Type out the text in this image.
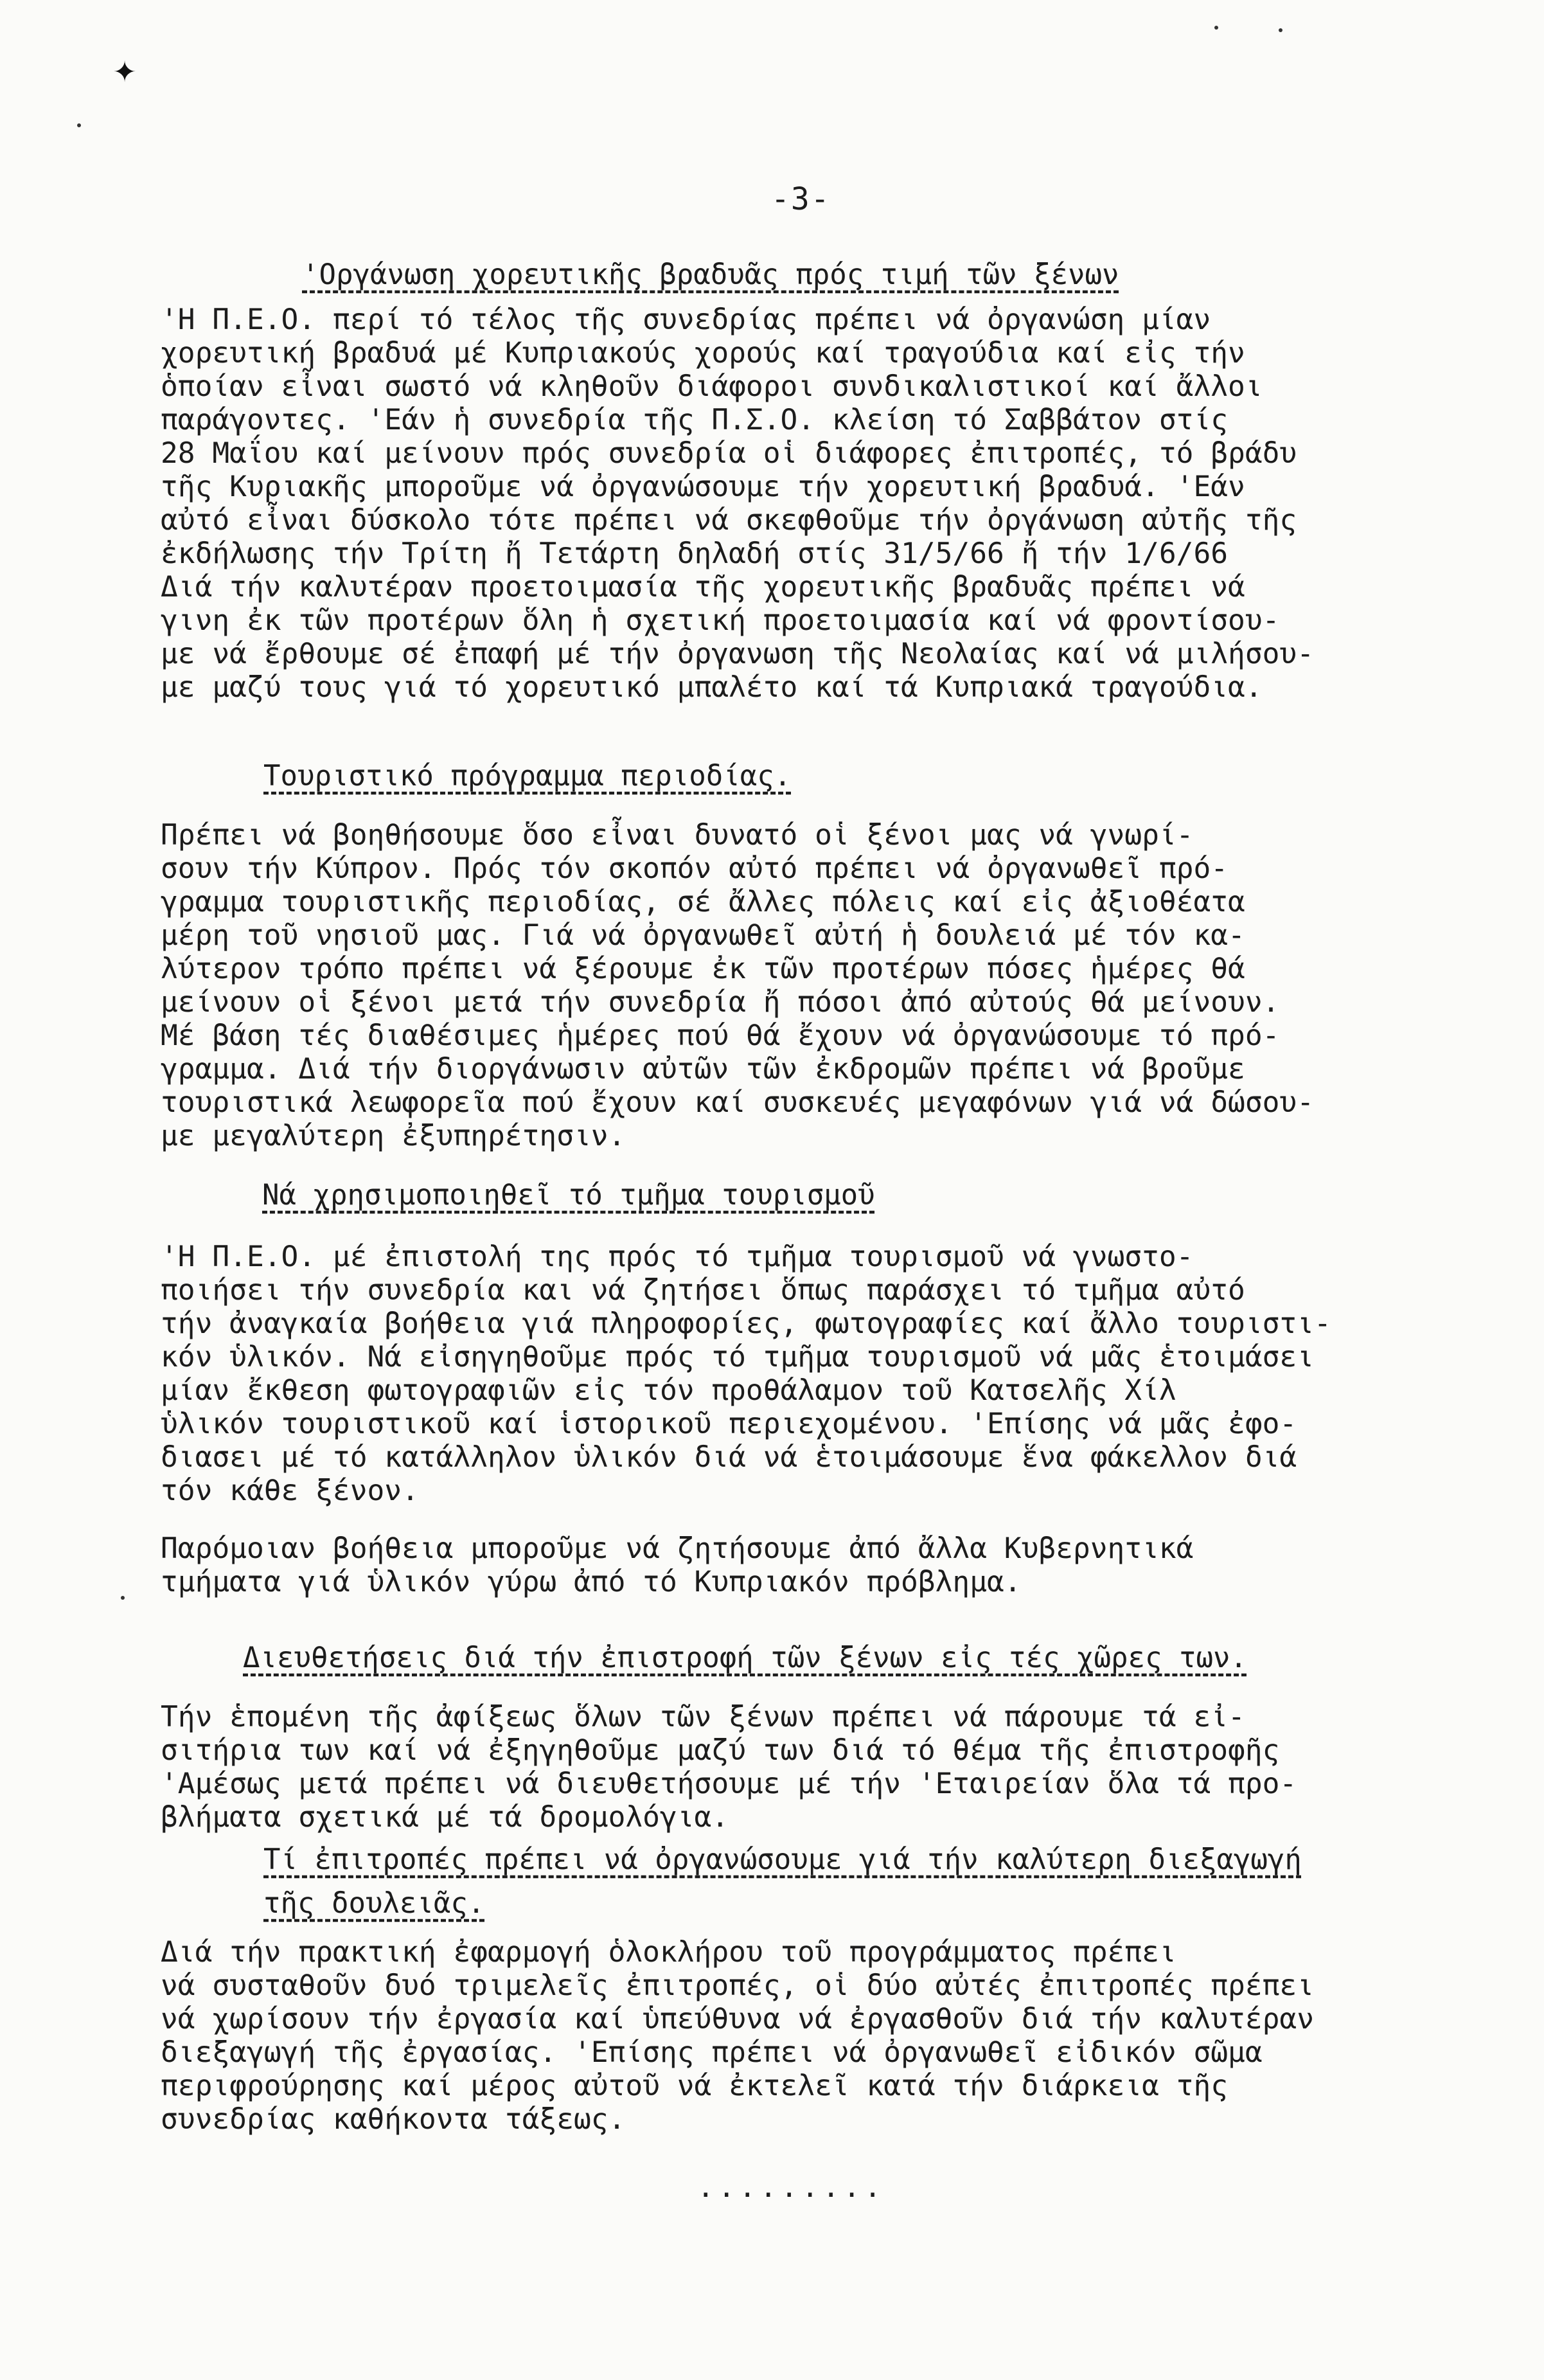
✦
-3-
'Οργάνωση χορευτικῆς βραδυᾶς πρός τιμή τῶν ξένων
'Η Π.Ε.Ο. περί τό τέλος τῆς συνεδρίας πρέπει νά ὀργανώση μίαν
χορευτική βραδυά μέ Κυπριακούς χορούς καί τραγούδια καί εἰς τήν
ὁποίαν εἶναι σωστό νά κληθοῦν διάφοροι συνδικαλιστικοί καί ἄλλοι
παράγοντες. 'Εάν ἡ συνεδρία τῆς Π.Σ.Ο. κλείση τό Σαββάτον στίς
28 Μαΐου καί μείνουν πρός συνεδρία οἱ διάφορες ἐπιτροπές, τό βράδυ
τῆς Κυριακῆς μποροῦμε νά ὀργανώσουμε τήν χορευτική βραδυά. 'Εάν
αὐτό εἶναι δύσκολο τότε πρέπει νά σκεφθοῦμε τήν ὀργάνωση αὐτῆς τῆς
ἐκδήλωσης τήν Τρίτη ἤ Τετάρτη δηλαδή στίς 31/5/66 ἤ τήν 1/6/66
Διά τήν καλυτέραν προετοιμασία τῆς χορευτικῆς βραδυᾶς πρέπει νά
γινη ἐκ τῶν προτέρων ὅλη ἡ σχετική προετοιμασία καί νά φροντίσου-
με νά ἔρθουμε σέ ἐπαφή μέ τήν ὀργανωση τῆς Νεολαίας καί νά μιλήσου-
με μαζύ τους γιά τό χορευτικό μπαλέτο καί τά Κυπριακά τραγούδια.
Τουριστικό πρόγραμμα περιοδίας.
Πρέπει νά βοηθήσουμε ὅσο εἶναι δυνατό οἱ ξένοι μας νά γνωρί-
σουν τήν Κύπρον. Πρός τόν σκοπόν αὐτό πρέπει νά ὀργανωθεῖ πρό-
γραμμα τουριστικῆς περιοδίας, σέ ἄλλες πόλεις καί εἰς ἀξιοθέατα
μέρη τοῦ νησιοῦ μας. Γιά νά ὀργανωθεῖ αὐτή ἡ δουλειά μέ τόν κα-
λύτερον τρόπο πρέπει νά ξέρουμε ἐκ τῶν προτέρων πόσες ἡμέρες θά
μείνουν οἱ ξένοι μετά τήν συνεδρία ἤ πόσοι ἀπό αὐτούς θά μείνουν.
Μέ βάση τές διαθέσιμες ἡμέρες πού θά ἔχουν νά ὀργανώσουμε τό πρό-
γραμμα. Διά τήν διοργάνωσιν αὐτῶν τῶν ἐκδρομῶν πρέπει νά βροῦμε
τουριστικά λεωφορεῖα πού ἔχουν καί συσκευές μεγαφόνων γιά νά δώσου-
με μεγαλύτερη ἐξυπηρέτησιν.
Νά χρησιμοποιηθεῖ τό τμῆμα τουρισμοῦ
'Η Π.Ε.Ο. μέ ἐπιστολή της πρός τό τμῆμα τουρισμοῦ νά γνωστο-
ποιήσει τήν συνεδρία και νά ζητήσει ὅπως παράσχει τό τμῆμα αὐτό
τήν ἀναγκαία βοήθεια γιά πληροφορίες, φωτογραφίες καί ἄλλο τουριστι-
κόν ὑλικόν. Νά εἰσηγηθοῦμε πρός τό τμῆμα τουρισμοῦ νά μᾶς ἑτοιμάσει
μίαν ἔκθεση φωτογραφιῶν εἰς τόν προθάλαμον τοῦ Κατσελῆς Χίλ
ὑλικόν τουριστικοῦ καί ἱστορικοῦ περιεχομένου. 'Επίσης νά μᾶς ἐφο-
διασει μέ τό κατάλληλον ὑλικόν διά νά ἑτοιμάσουμε ἕνα φάκελλον διά
τόν κάθε ξένον.
Παρόμοιαν βοήθεια μποροῦμε νά ζητήσουμε ἀπό ἄλλα Κυβερνητικά
τμήματα γιά ὑλικόν γύρω ἀπό τό Κυπριακόν πρόβλημα.
Διευθετήσεις διά τήν ἐπιστροφή τῶν ξένων εἰς τές χῶρες των.
Τήν ἑπομένη τῆς ἀφίξεως ὅλων τῶν ξένων πρέπει νά πάρουμε τά εἰ-
σιτήρια των καί νά ἐξηγηθοῦμε μαζύ των διά τό θέμα τῆς ἐπιστροφῆς
'Αμέσως μετά πρέπει νά διευθετήσουμε μέ τήν 'Εταιρείαν ὅλα τά προ-
βλήματα σχετικά μέ τά δρομολόγια.
Τί ἐπιτροπές πρέπει νά ὀργανώσουμε γιά τήν καλύτερη διεξαγωγή
τῆς δουλειᾶς.
Διά τήν πρακτική ἐφαρμογή ὁλοκλήρου τοῦ προγράμματος πρέπει
νά συσταθοῦν δυό τριμελεῖς ἐπιτροπές, οἱ δύο αὐτές ἐπιτροπές πρέπει
νά χωρίσουν τήν ἐργασία καί ὑπεύθυνα νά ἐργασθοῦν διά τήν καλυτέραν
διεξαγωγή τῆς ἐργασίας. 'Επίσης πρέπει νά ὀργανωθεῖ εἰδικόν σῶμα
περιφρούρησης καί μέρος αὐτοῦ νά ἐκτελεῖ κατά τήν διάρκεια τῆς
συνεδρίας καθήκοντα τάξεως.
.........
